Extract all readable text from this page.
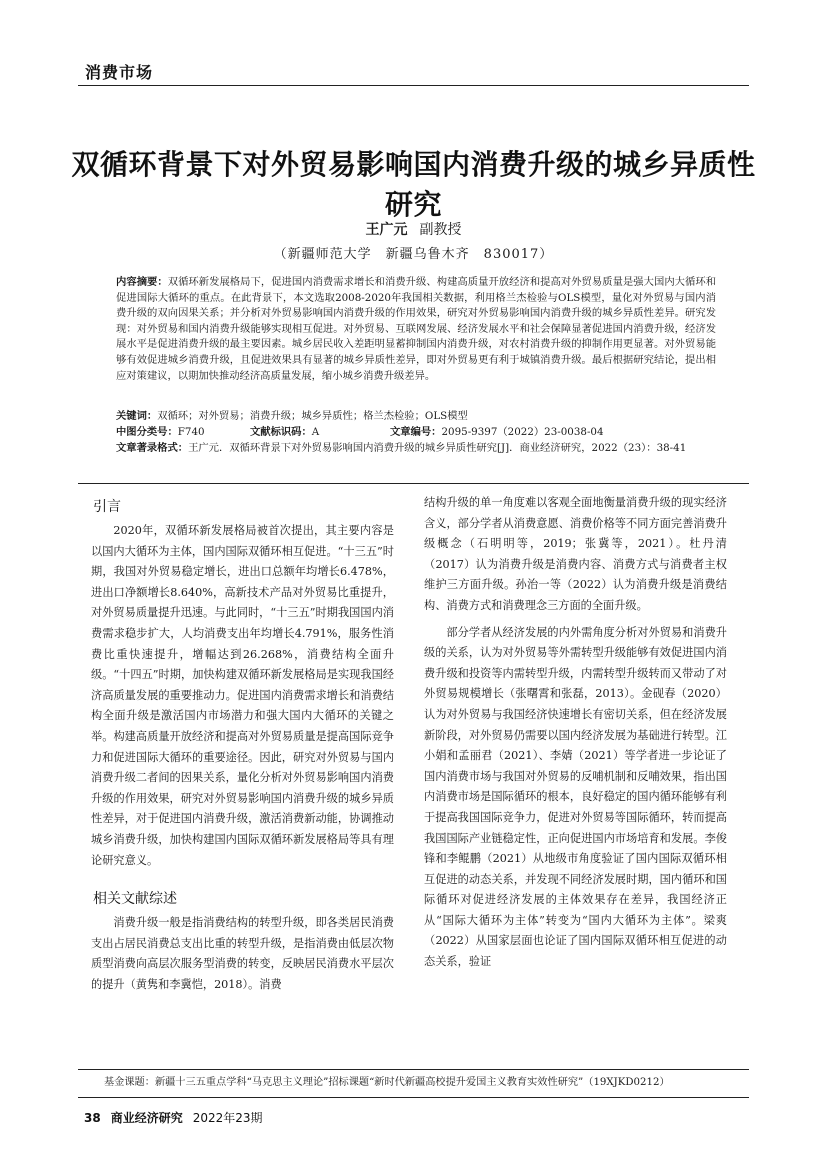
消费市场
双循环背景下对外贸易影响国内消费升级的城乡异质性研究
王广元 副教授
（新疆师范大学　新疆乌鲁木齐　830017）
内容摘要：双循环新发展格局下，促进国内消费需求增长和消费升级、构建高质量开放经济和提高对外贸易质量是强大国内大循环和促进国际大循环的重点。在此背景下，本文选取2008-2020年我国相关数据，利用格兰杰检验与OLS模型，量化对外贸易与国内消费升级的双向因果关系；并分析对外贸易影响国内消费升级的作用效果，研究对外贸易影响国内消费升级的城乡异质性差异。研究发现：对外贸易和国内消费升级能够实现相互促进。对外贸易、互联网发展、经济发展水平和社会保障显著促进国内消费升级，经济发展水平是促进消费升级的最主要因素。城乡居民收入差距明显蓄抑制国内消费升级，对农村消费升级的抑制作用更显著。对外贸易能够有效促进城乡消费升级，且促进效果具有显著的城乡异质性差异，即对外贸易更有利于城镇消费升级。最后根据研究结论，提出相应对策建议，以期加快推动经济高质量发展，缩小城乡消费升级差异。
关键词：双循环；对外贸易；消费升级；城乡异质性；格兰杰检验；OLS模型
中图分类号：F740	文献标识码：A	文章编号：2095-9397（2022）23-0038-04
文章著录格式：王广元．双循环背景下对外贸易影响国内消费升级的城乡异质性研究[J]．商业经济研究，2022（23）：38-41
引言

2020年，双循环新发展格局被首次提出，其主要内容是以国内大循环为主体，国内国际双循环相互促进。“十三五”时期，我国对外贸易稳定增长，进出口总额年均增长6.478%，进出口净额增长8.640%，高新技术产品对外贸易比重提升，对外贸易质量提升迅速。与此同时，“十三五”时期我国国内消费需求稳步扩大，人均消费支出年均增长4.791%，服务性消费比重快速提升，增幅达到26.268%，消费结构全面升级。“十四五”时期，加快构建双循环新发展格局是实现我国经济高质量发展的重要推动力。促进国内消费需求增长和消费结构全面升级是激活国内市场潜力和强大国内大循环的关键之举。构建高质量开放经济和提高对外贸易质量是提高国际竞争力和促进国际大循环的重要途径。因此，研究对外贸易与国内消费升级二者间的因果关系，量化分析对外贸易影响国内消费升级的作用效果，研究对外贸易影响国内消费升级的城乡异质性差异，对于促进国内消费升级，激活消费新动能，协调推动城乡消费升级，加快构建国内国际双循环新发展格局等具有理论研究意义。

相关文献综述

消费升级一般是指消费结构的转型升级，即各类居民消费支出占居民消费总支出比重的转型升级，是指消费由低层次物质型消费向高层次服务型消费的转变，反映居民消费水平层次的提升（黄隽和李冀恺，2018）。消费

结构升级的单一角度难以客观全面地衡量消费升级的现实经济含义，部分学者从消费意愿、消费价格等不同方面完善消费升级概念（石明明等，2019；张冀等，2021）。杜丹清（2017）认为消费升级是消费内容、消费方式与消费者主权维护三方面升级。孙治一等（2022）认为消费升级是消费结构、消费方式和消费理念三方面的全面升级。

部分学者从经济发展的内外需角度分析对外贸易和消费升级的关系，认为对外贸易等外需转型升级能够有效促进国内消费升级和投资等内需转型升级，内需转型升级转而又带动了对外贸易规模增长（张曙霄和张磊，2013）。金砚春（2020）认为对外贸易与我国经济快速增长有密切关系，但在经济发展新阶段，对外贸易仍需要以国内经济发展为基础进行转型。江小娟和孟丽君（2021）、李婧（2021）等学者进一步论证了国内消费市场与我国对外贸易的反哺机制和反哺效果，指出国内消费市场是国际循环的根本，良好稳定的国内循环能够有利于提高我国国际竞争力，促进对外贸易等国际循环，转而提高我国国际产业链稳定性，正向促进国内市场培育和发展。李俊锋和李鲲鹏（2021）从地级市角度验证了国内国际双循环相互促进的动态关系，并发现不同经济发展时期，国内循环和国际循环对促进经济发展的主体效果存在差异，我国经济正从“国际大循环为主体”转变为“国内大循环为主体”。梁爽（2022）从国家层面也论证了国内国际双循环相互促进的动态关系，验证

基金课题：新疆十三五重点学科“马克思主义理论”招标课题“新时代新疆高校提升爱国主义教育实效性研究”（19XJKD0212）
38 商业经济研究 2022年23期
